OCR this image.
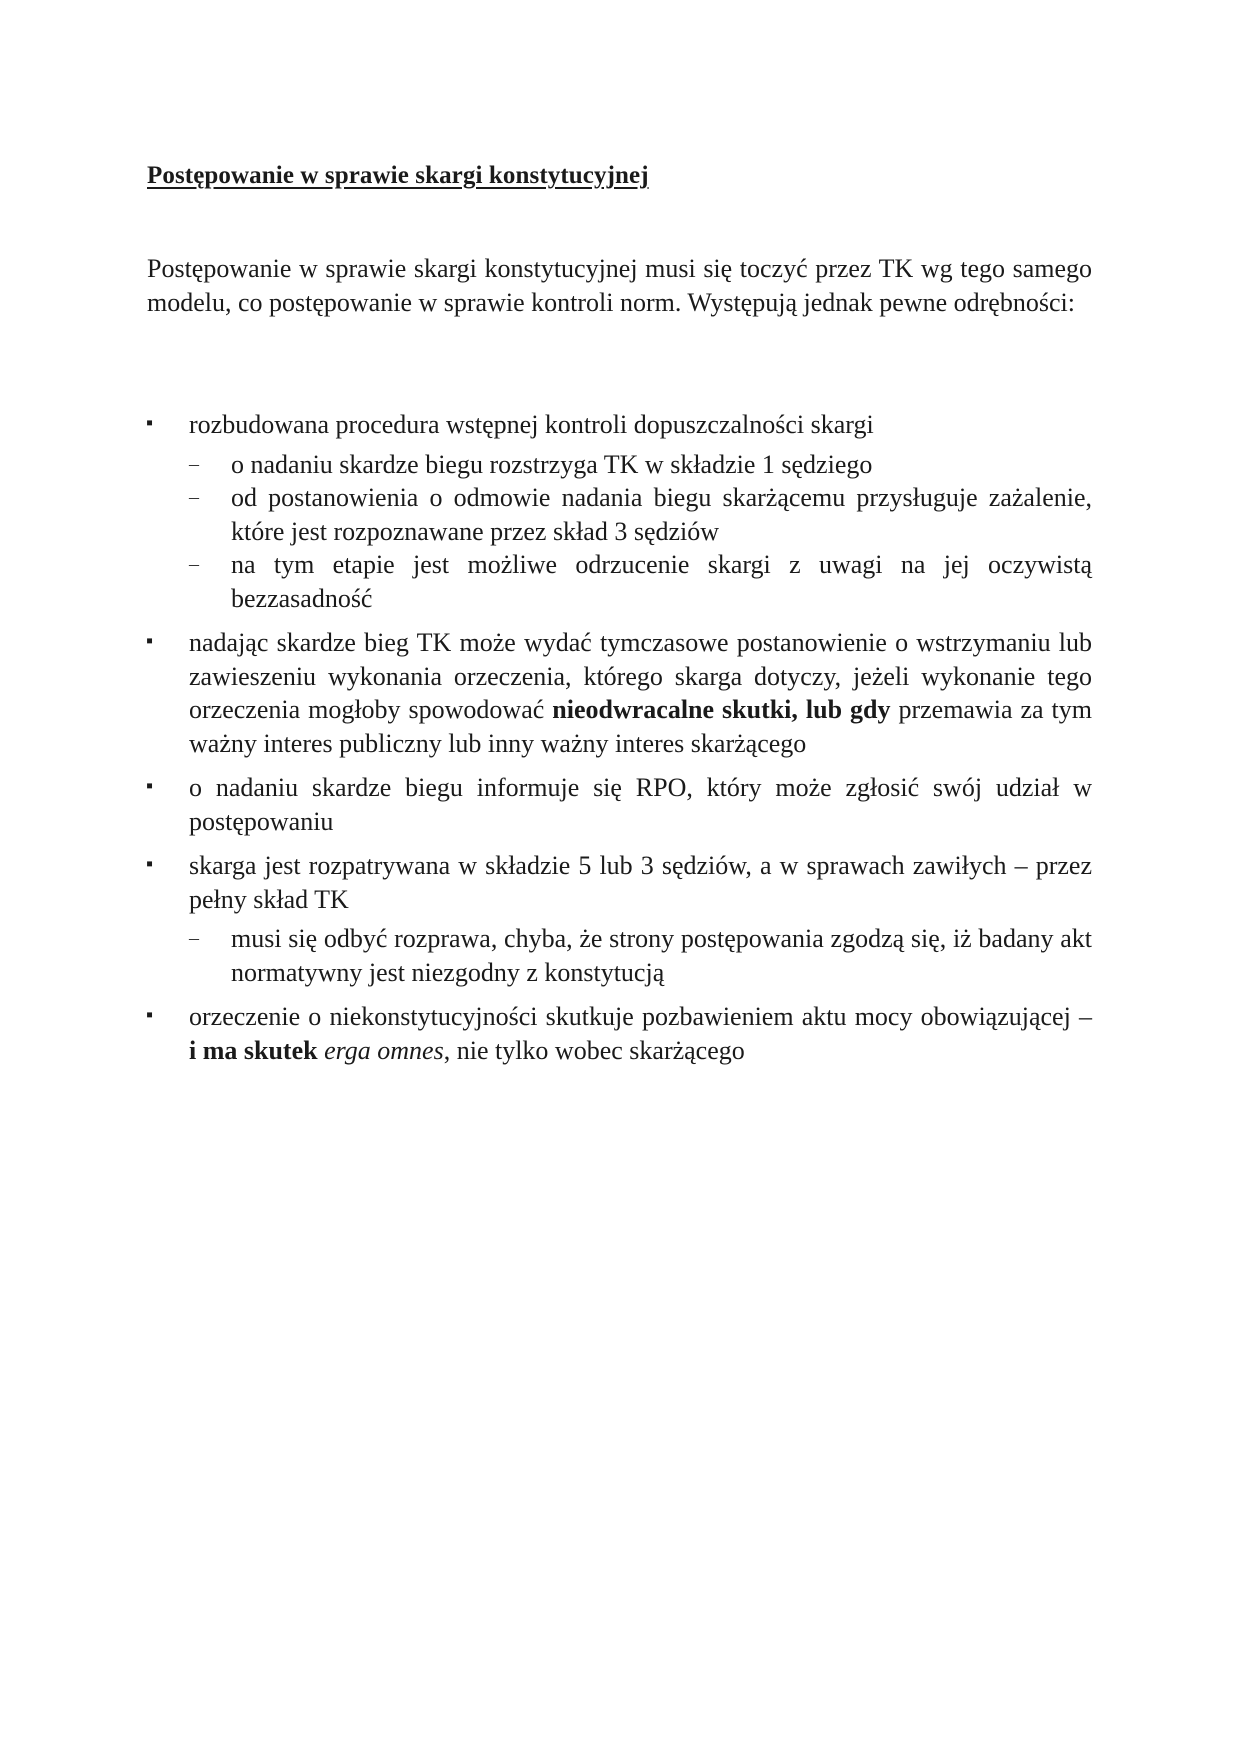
Postępowanie w sprawie skargi konstytucyjnej

Postępowanie w sprawie skargi konstytucyjnej musi się toczyć przez TK wg tego samego modelu, co postępowanie w sprawie kontroli norm. Występują jednak pewne odrębności:

▪ rozbudowana procedura wstępnej kontroli dopuszczalności skargi
– o nadaniu skardze biegu rozstrzyga TK w składzie 1 sędziego
– od postanowienia o odmowie nadania biegu skarżącemu przysługuje zażalenie, które jest rozpoznawane przez skład 3 sędziów
– na tym etapie jest możliwe odrzucenie skargi z uwagi na jej oczywistą bezzasadność
▪ nadając skardze bieg TK może wydać tymczasowe postanowienie o wstrzymaniu lub zawieszeniu wykonania orzeczenia, którego skarga dotyczy, jeżeli wykonanie tego orzeczenia mogłoby spowodować nieodwracalne skutki, lub gdy przemawia za tym ważny interes publiczny lub inny ważny interes skarżącego
▪ o nadaniu skardze biegu informuje się RPO, który może zgłosić swój udział w postępowaniu
▪ skarga jest rozpatrywana w składzie 5 lub 3 sędziów, a w sprawach zawiłych – przez pełny skład TK
– musi się odbyć rozprawa, chyba, że strony postępowania zgodzą się, iż badany akt normatywny jest niezgodny z konstytucją
▪ orzeczenie o niekonstytucyjności skutkuje pozbawieniem aktu mocy obowiązującej – i ma skutek erga omnes, nie tylko wobec skarżącego
